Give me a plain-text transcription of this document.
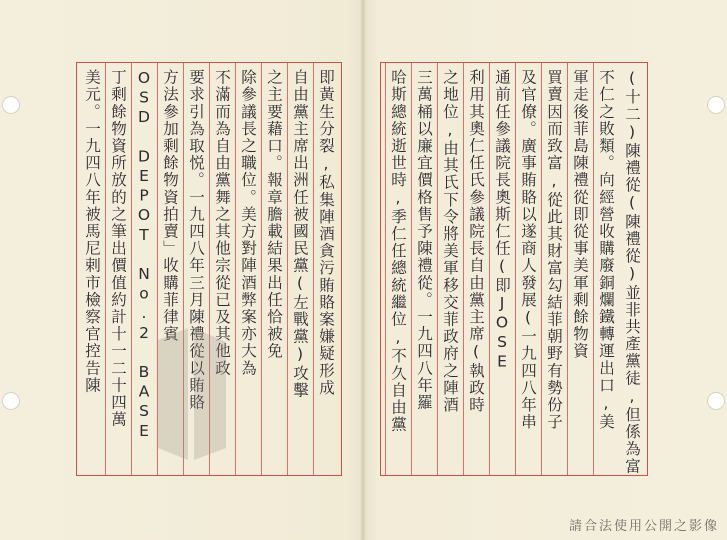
美元。一九四八年被馬尼剌市檢察官控告陳 丁剩餘物資所放的之筆出價值約計十一二十四萬 OSD DEPOT No.2 BASE
方法參加剩餘物資拍賣」收購菲律賓 要求引為取悦。一九四八年三月陳禮從以賄賂 不滿而為自由黨舞之其他宗從已及其他政 除參議長之職位。美方對陣酒弊案亦大為 之主要藉口。報章膽載結果出任恰被免 自由黨主席出洲任被國民黨(左戰黨)攻擊 即黃生分裂,私集陣酒貪污賄賂案嫌疑形成	(十二)陳禮從(陳禮從)並非共產黨徒,但係為富
不仁之敗類。向經營收購廢銅爛鐵轉運出口,美
軍走後菲島陳禮從即從事美軍剩餘物資
買賣因而致富,從此其財富勾結菲朝野有勢份子
及官僚。廣事賄賂以遂商人發展(一九四八年串
通前任參議院長奧斯仁任(即JOSE
利用其奧仁任氏參議院長自由黨主席(執政時
之地位,由其氏下令將美軍移交菲政府之陣酒
三萬桶以廉宜價格售予陳禮從。一九四八年羅
哈斯總統逝世時,季仁任總統繼位,不久自由黨
請合法使用公開之影像
